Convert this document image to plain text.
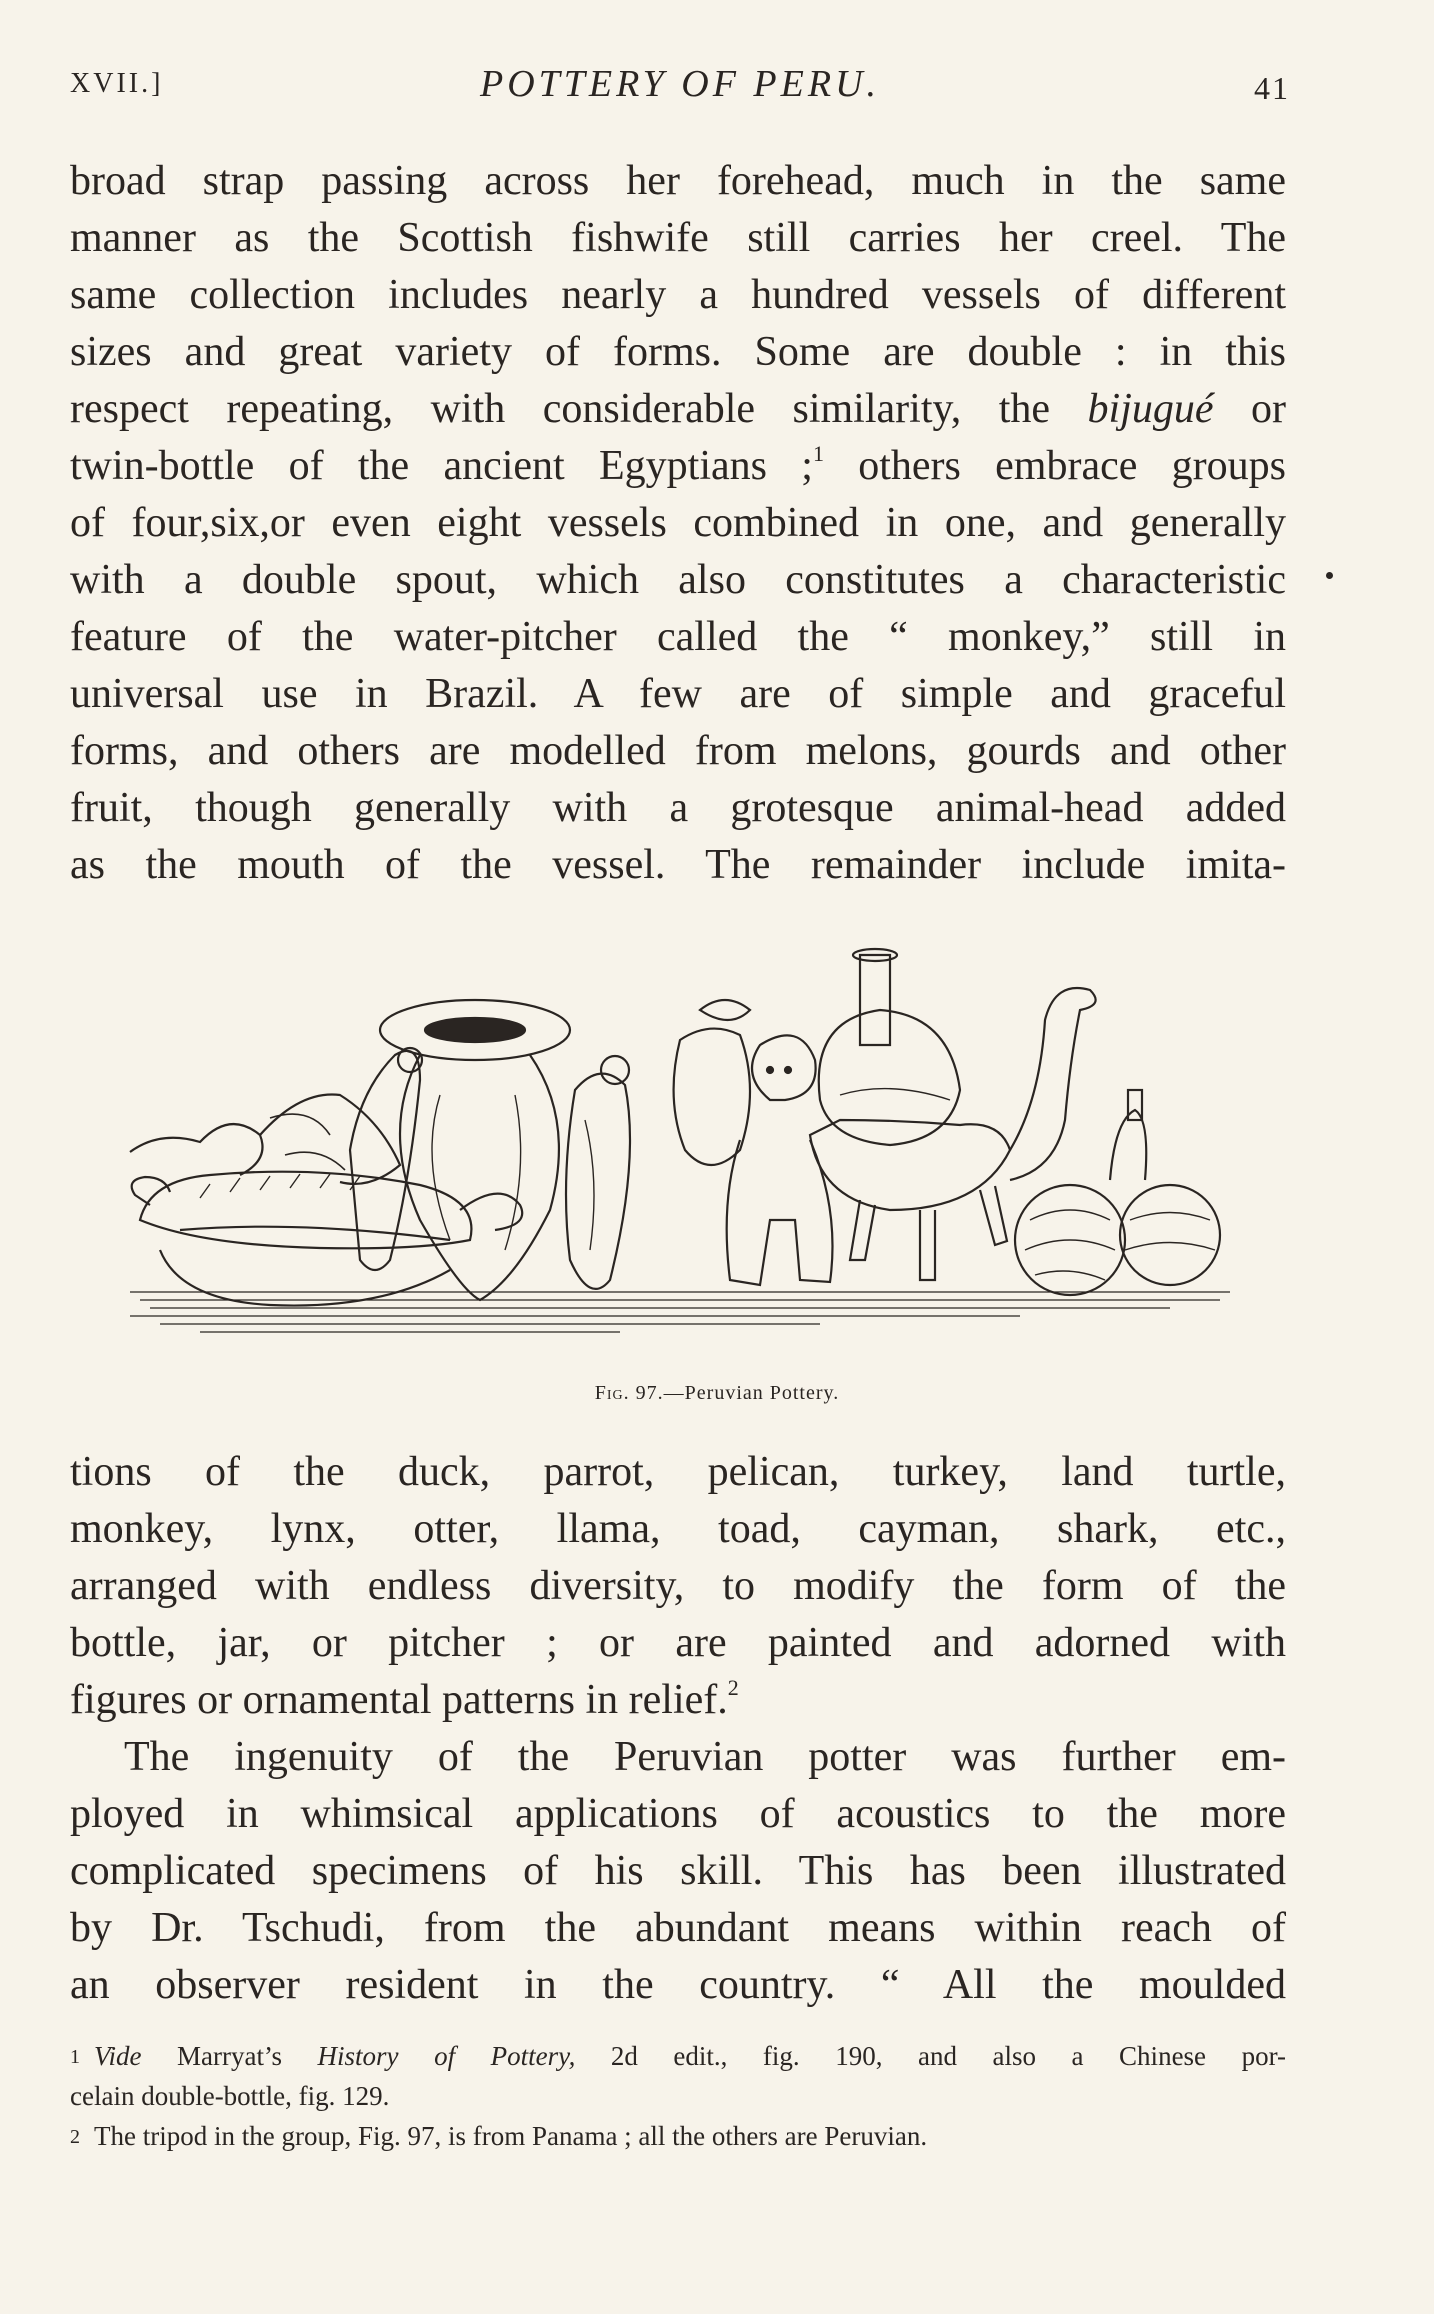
XVII.]	POTTERY OF PERU.	41
broad strap passing across her forehead, much in the same
manner as the Scottish fishwife still carries her creel. The
same collection includes nearly a hundred vessels of different
sizes and great variety of forms. Some are double : in this
respect repeating, with considerable similarity, the bijugué or
twin-bottle of the ancient Egyptians ;$^1$ others embrace groups
of four,six,or even eight vessels combined in one, and generally
with a double spout, which also constitutes a characteristic
feature of the water-pitcher called the “ monkey,” still in
universal use in Brazil. A few are of simple and graceful
forms, and others are modelled from melons, gourds and other
fruit, though generally with a grotesque animal-head added
as the mouth of the vessel. The remainder include imita-
Fig. 97.—Peruvian Pottery.
tions of the duck, parrot, pelican, turkey, land turtle,
monkey, lynx, otter, llama, toad, cayman, shark, etc.,
arranged with endless diversity, to modify the form of the
bottle, jar, or pitcher ; or are painted and adorned with
figures or ornamental patterns in relief.$^2$
The ingenuity of the Peruvian potter was further em-
ployed in whimsical applications of acoustics to the more
complicated specimens of his skill. This has been illustrated
by Dr. Tschudi, from the abundant means within reach of
an observer resident in the country. “ All the moulded
1 Vide Marryat’s History of Pottery, 2d edit., fig. 190, and also a Chinese por-
celain double-bottle, fig. 129.
2 The tripod in the group, Fig. 97, is from Panama ; all the others are Peruvian.
